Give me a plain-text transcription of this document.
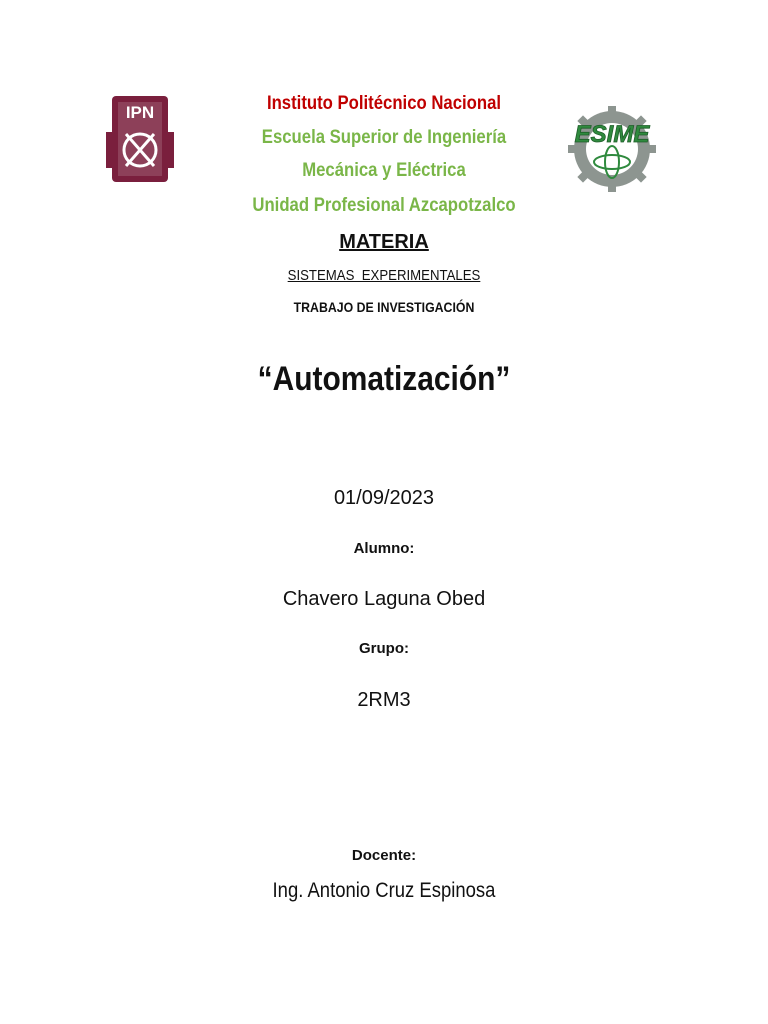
IPN
ESIME
Instituto Politécnico Nacional
Escuela Superior de Ingeniería
Mecánica y Eléctrica
Unidad Profesional Azcapotzalco
MATERIA
SISTEMAS  EXPERIMENTALES
TRABAJO DE INVESTIGACIÓN
“Automatización”
01/09/2023
Alumno:
Chavero Laguna Obed
Grupo:
2RM3
Docente:
Ing. Antonio Cruz Espinosa
